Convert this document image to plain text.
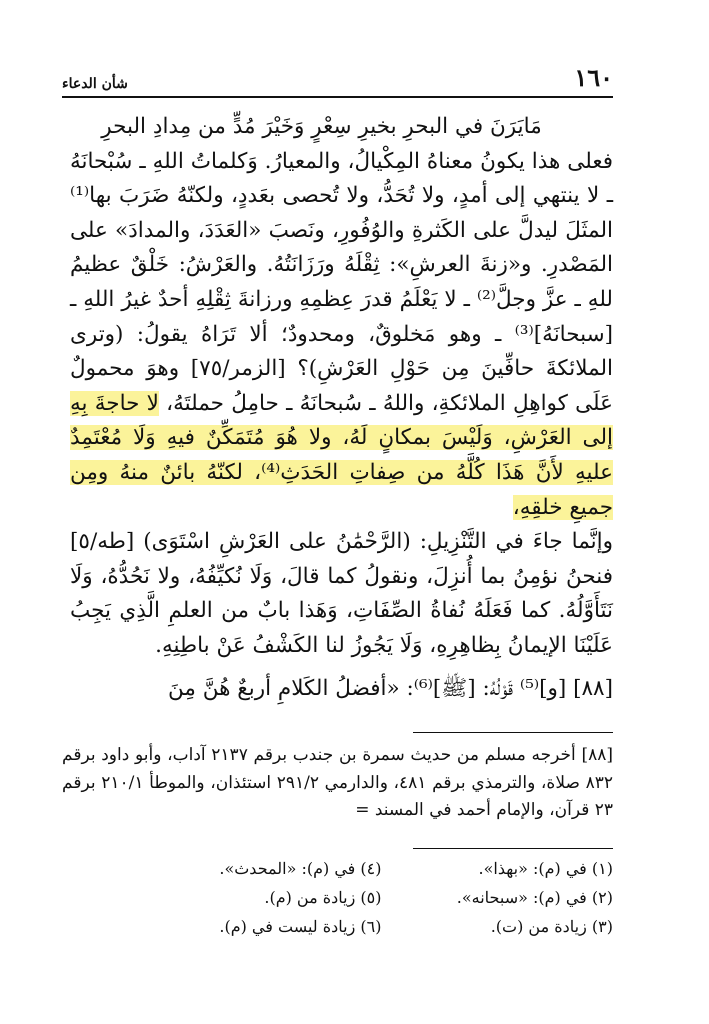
١٦٠
شأن الدعاء

مَايَرَنَ في البحرِ بخيرِ سِعْرٍ وَخَيْرَ مُدٍّ من مِدادِ البحرِ

فعلى هذا يكونُ معناهُ المِكْيالُ، والمعيارُ. وَكلماتُ اللهِ ـ سُبْحانَهُ ـ لا ينتهي إلى أمدٍ، ولا تُحَدُّ، ولا تُحصى بعَددٍ، ولكنّهُ ضَرَبَ بها⁽¹⁾ المثَلَ ليدلَّ على الكَثرةِ والوُفُورِ، ونَصبَ «العَدَدَ، والمدادَ» على المَصْدرِ. و«زنةَ العرشِ»: ثِقْلَهُ ورَزَانَتُهُ. والعَرْشُ: خَلْقٌ عظيمُ للهِ ـ عزَّ وجلَّ⁽²⁾ ـ لا يَعْلَمُ قدرَ عِظمِهِ ورزانةَ ثِقْلِهِ أحدٌ غيرُ اللهِ ـ [سبحانَهُ]⁽³⁾ ـ وهو مَخلوقٌ، ومحدودٌ؛ ألا تَرَاهُ يقولُ: (وترى الملائكةَ حافِّينَ مِن حَوْلِ العَرْشِ)؟ [الزمر/٧٥] وهوَ محمولٌ عَلَى كواهِلِ الملائكةِ، واللهُ ـ سُبحانَهُ ـ حامِلُ حملتَهُ، لا حاجةَ بِهِ إلى العَرْشِ، وَلَيْسَ بمكانٍ لَهُ، ولا هُوَ مُتَمَكِّنٌ فيهِ وَلَا مُعْتَمِدٌ عليهِ لأَنَّ هَذَا كُلَّهُ من صِفاتِ الحَدَثِ⁽⁴⁾، لكنّهُ بائنٌ منهُ ومِن جميعِ خلقِهِ،

وإنَّما جاءَ في التَّنْزِيلِ: (الرَّحْمَٰنُ على العَرْشِ اسْتَوَى) [طه/٥] فنحنُ نؤمِنُ بما أُنزِلَ، ونقولُ كما قالَ، وَلَا نُكيِّفُهُ، ولا نَحُدُّهُ، وَلَا نَتَأَوَّلُهُ. كما فَعَلَهُ نُفاةُ الصِّفَاتِ، وَهَذا بابٌ من العلمِ الَّذِي يَجِبُ عَلَيْنَا الإيمانُ بِظاهِرِهِ، وَلَا يَجُوزُ لنا الكَشْفُ عَنْ باطِنِهِ.

[٨٨] [و]⁽⁵⁾ قَوْلُهُ: [ﷺ]⁽⁶⁾: «أفضلُ الكَلامِ أربعٌ هُنَّ مِنَ

[٨٨] أخرجه مسلم من حديث سمرة بن جندب برقم ٢١٣٧ آداب، وأبو داود برقم ٨٣٢ صلاة، والترمذي برقم ٤٨١، والدارمي ٢٩١/٢ استئذان، والموطأ ٢١٠/١ برقم ٢٣ قرآن، والإمام أحمد في المسند =
(١) في (م): «بهذا».
(٤) في (م): «المحدث».
(٢) في (م): «سبحانه».
(٥) زيادة من (م).
(٣) زيادة من (ت).
(٦) زيادة ليست في (م).
